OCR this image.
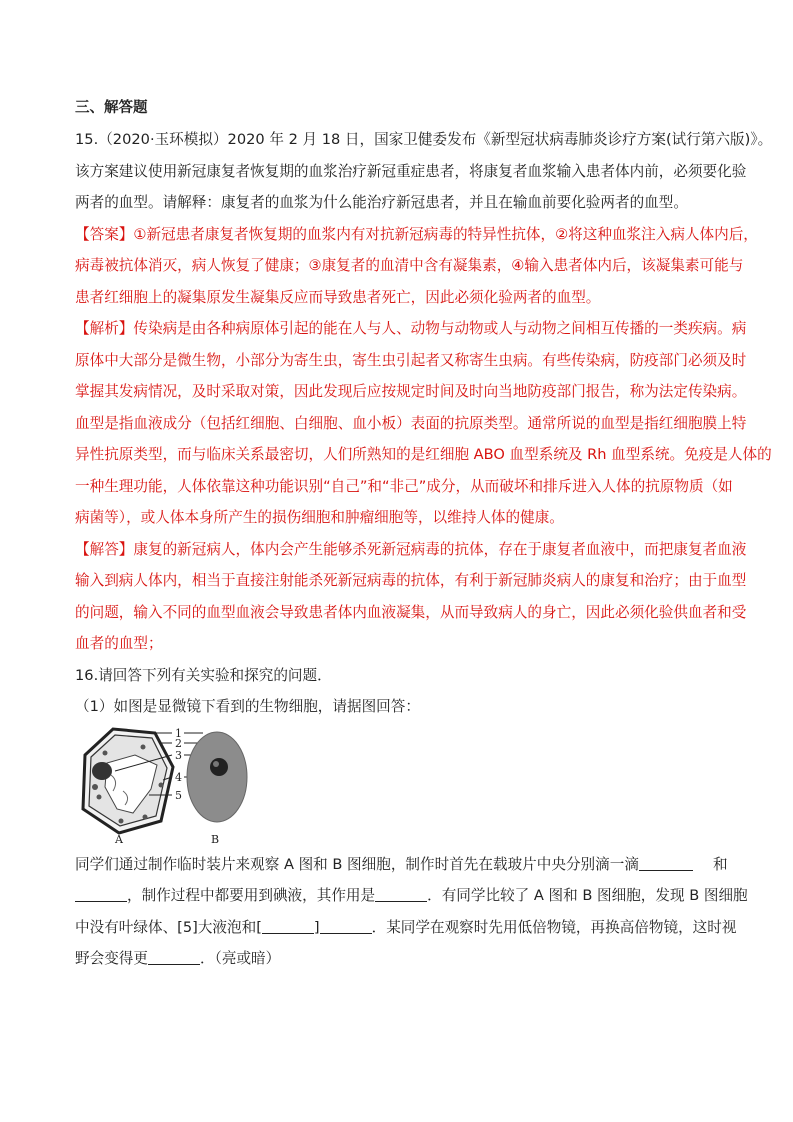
三、解答题
15.（2020·玉环模拟）2020 年 2 月 18 日，国家卫健委发布《新型冠状病毒肺炎诊疗方案(试行第六版)》。
该方案建议使用新冠康复者恢复期的血浆治疗新冠重症患者，将康复者血浆输入患者体内前，必须要化验
两者的血型。请解释：康复者的血浆为什么能治疗新冠患者，并且在输血前要化验两者的血型。
【答案】①新冠患者康复者恢复期的血浆内有对抗新冠病毒的特异性抗体，②将这种血浆注入病人体内后，
病毒被抗体消灭，病人恢复了健康；③康复者的血清中含有凝集素，④输入患者体内后，该凝集素可能与
患者红细胞上的凝集原发生凝集反应而导致患者死亡，因此必须化验两者的血型。
【解析】传染病是由各种病原体引起的能在人与人、动物与动物或人与动物之间相互传播的一类疾病。病
原体中大部分是微生物，小部分为寄生虫，寄生虫引起者又称寄生虫病。有些传染病，防疫部门必须及时
掌握其发病情况，及时采取对策，因此发现后应按规定时间及时向当地防疫部门报告，称为法定传染病。
血型是指血液成分（包括红细胞、白细胞、血小板）表面的抗原类型。通常所说的血型是指红细胞膜上特
异性抗原类型，而与临床关系最密切，人们所熟知的是红细胞 ABO 血型系统及 Rh 血型系统。免疫是人体的
一种生理功能，人体依靠这种功能识别“自己”和“非己”成分，从而破坏和排斥进入人体的抗原物质（如
病菌等），或人体本身所产生的损伤细胞和肿瘤细胞等，以维持人体的健康。
【解答】康复的新冠病人，体内会产生能够杀死新冠病毒的抗体，存在于康复者血液中，而把康复者血液
输入到病人体内，相当于直接注射能杀死新冠病毒的抗体，有利于新冠肺炎病人的康复和治疗；由于血型
的问题，输入不同的血型血液会导致患者体内血液凝集，从而导致病人的身亡，因此必须化验供血者和受
血者的血型；
16.请回答下列有关实验和探究的问题．
（1）如图是显微镜下看到的生物细胞，请据图回答：
1
2
3
4
5
A	B
同学们通过制作临时装片来观察 A 图和 B 图细胞，制作时首先在载玻片中央分别滴一滴	和
，制作过程中都要用到碘液，其作用是	．有同学比较了 A 图和 B 图细胞，发现 B 图细胞
中没有叶绿体、[5]大液泡和[	]	．某同学在观察时先用低倍物镜，再换高倍物镜，这时视
野会变得更	．（亮或暗）
